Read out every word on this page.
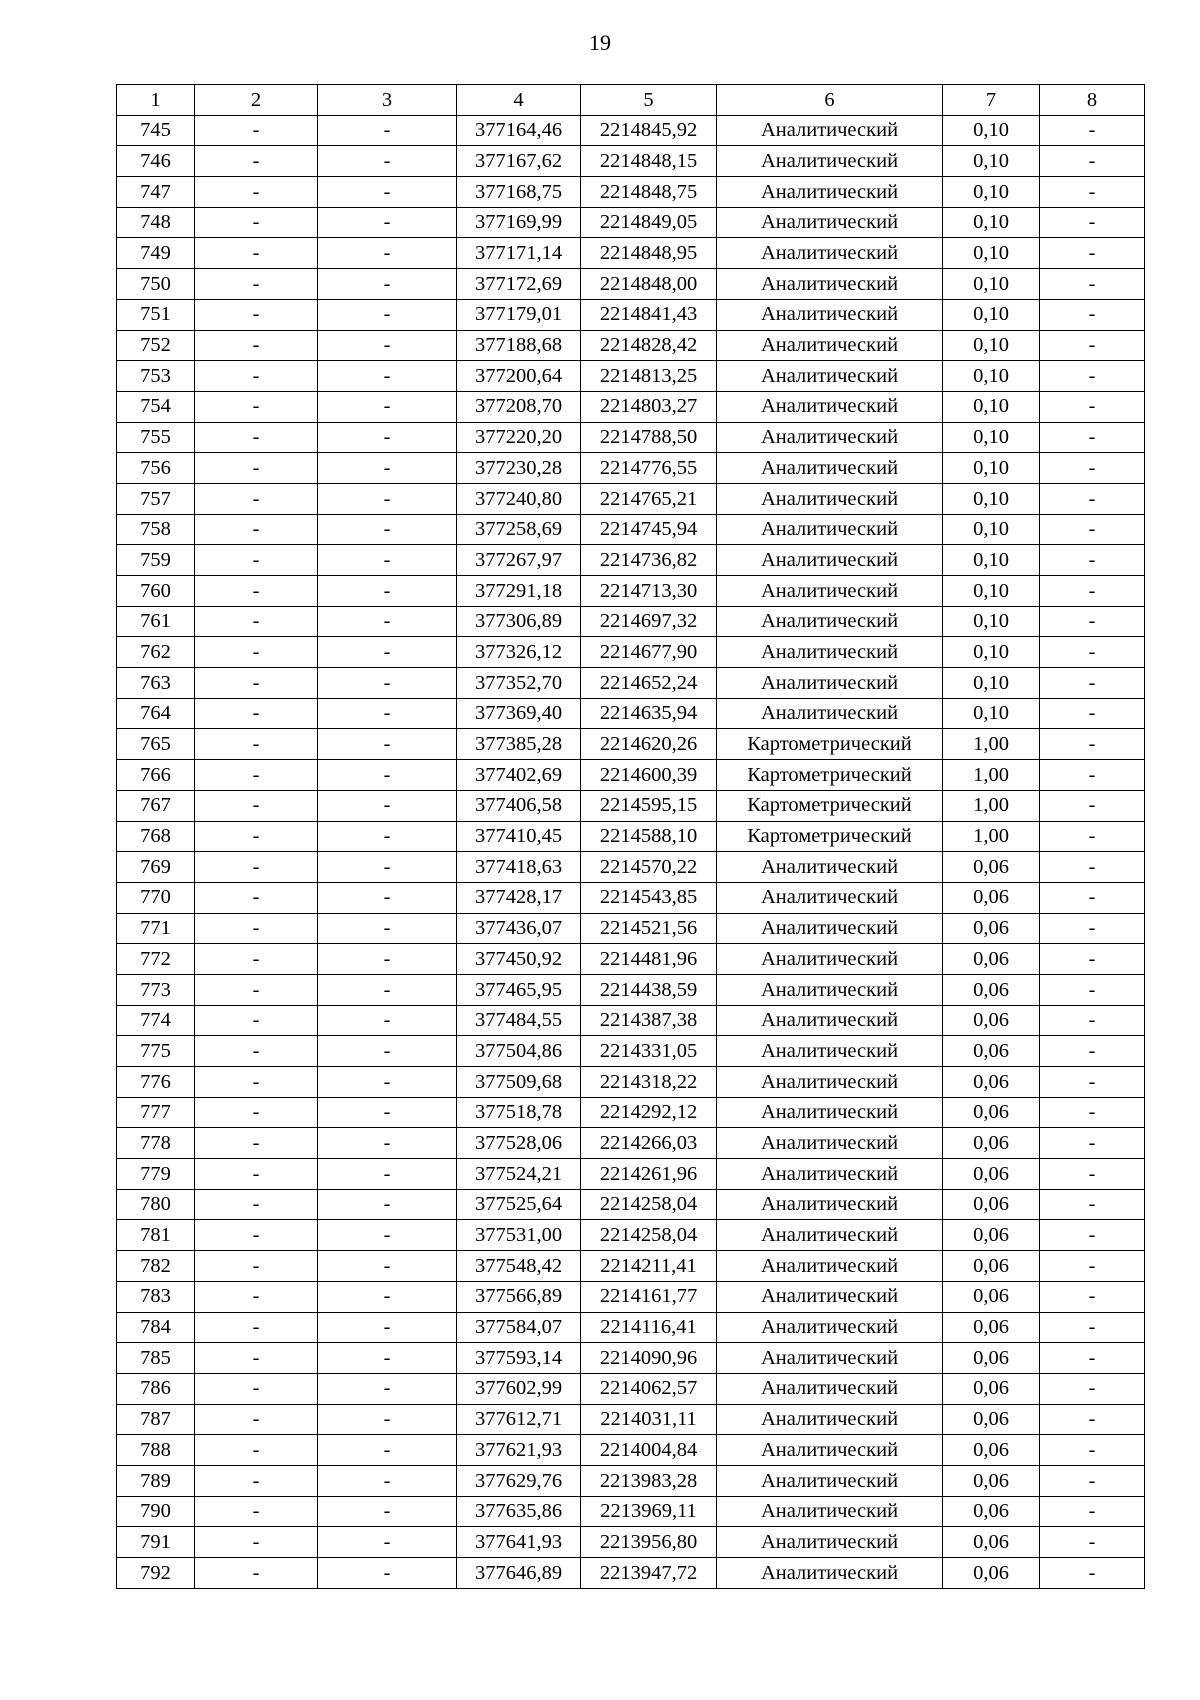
19
1	2	3	4	5	6	7	8
745	-	-	377164,46	2214845,92	Аналитический	0,10	-
746	-	-	377167,62	2214848,15	Аналитический	0,10	-
747	-	-	377168,75	2214848,75	Аналитический	0,10	-
748	-	-	377169,99	2214849,05	Аналитический	0,10	-
749	-	-	377171,14	2214848,95	Аналитический	0,10	-
750	-	-	377172,69	2214848,00	Аналитический	0,10	-
751	-	-	377179,01	2214841,43	Аналитический	0,10	-
752	-	-	377188,68	2214828,42	Аналитический	0,10	-
753	-	-	377200,64	2214813,25	Аналитический	0,10	-
754	-	-	377208,70	2214803,27	Аналитический	0,10	-
755	-	-	377220,20	2214788,50	Аналитический	0,10	-
756	-	-	377230,28	2214776,55	Аналитический	0,10	-
757	-	-	377240,80	2214765,21	Аналитический	0,10	-
758	-	-	377258,69	2214745,94	Аналитический	0,10	-
759	-	-	377267,97	2214736,82	Аналитический	0,10	-
760	-	-	377291,18	2214713,30	Аналитический	0,10	-
761	-	-	377306,89	2214697,32	Аналитический	0,10	-
762	-	-	377326,12	2214677,90	Аналитический	0,10	-
763	-	-	377352,70	2214652,24	Аналитический	0,10	-
764	-	-	377369,40	2214635,94	Аналитический	0,10	-
765	-	-	377385,28	2214620,26	Картометрический	1,00	-
766	-	-	377402,69	2214600,39	Картометрический	1,00	-
767	-	-	377406,58	2214595,15	Картометрический	1,00	-
768	-	-	377410,45	2214588,10	Картометрический	1,00	-
769	-	-	377418,63	2214570,22	Аналитический	0,06	-
770	-	-	377428,17	2214543,85	Аналитический	0,06	-
771	-	-	377436,07	2214521,56	Аналитический	0,06	-
772	-	-	377450,92	2214481,96	Аналитический	0,06	-
773	-	-	377465,95	2214438,59	Аналитический	0,06	-
774	-	-	377484,55	2214387,38	Аналитический	0,06	-
775	-	-	377504,86	2214331,05	Аналитический	0,06	-
776	-	-	377509,68	2214318,22	Аналитический	0,06	-
777	-	-	377518,78	2214292,12	Аналитический	0,06	-
778	-	-	377528,06	2214266,03	Аналитический	0,06	-
779	-	-	377524,21	2214261,96	Аналитический	0,06	-
780	-	-	377525,64	2214258,04	Аналитический	0,06	-
781	-	-	377531,00	2214258,04	Аналитический	0,06	-
782	-	-	377548,42	2214211,41	Аналитический	0,06	-
783	-	-	377566,89	2214161,77	Аналитический	0,06	-
784	-	-	377584,07	2214116,41	Аналитический	0,06	-
785	-	-	377593,14	2214090,96	Аналитический	0,06	-
786	-	-	377602,99	2214062,57	Аналитический	0,06	-
787	-	-	377612,71	2214031,11	Аналитический	0,06	-
788	-	-	377621,93	2214004,84	Аналитический	0,06	-
789	-	-	377629,76	2213983,28	Аналитический	0,06	-
790	-	-	377635,86	2213969,11	Аналитический	0,06	-
791	-	-	377641,93	2213956,80	Аналитический	0,06	-
792	-	-	377646,89	2213947,72	Аналитический	0,06	-
